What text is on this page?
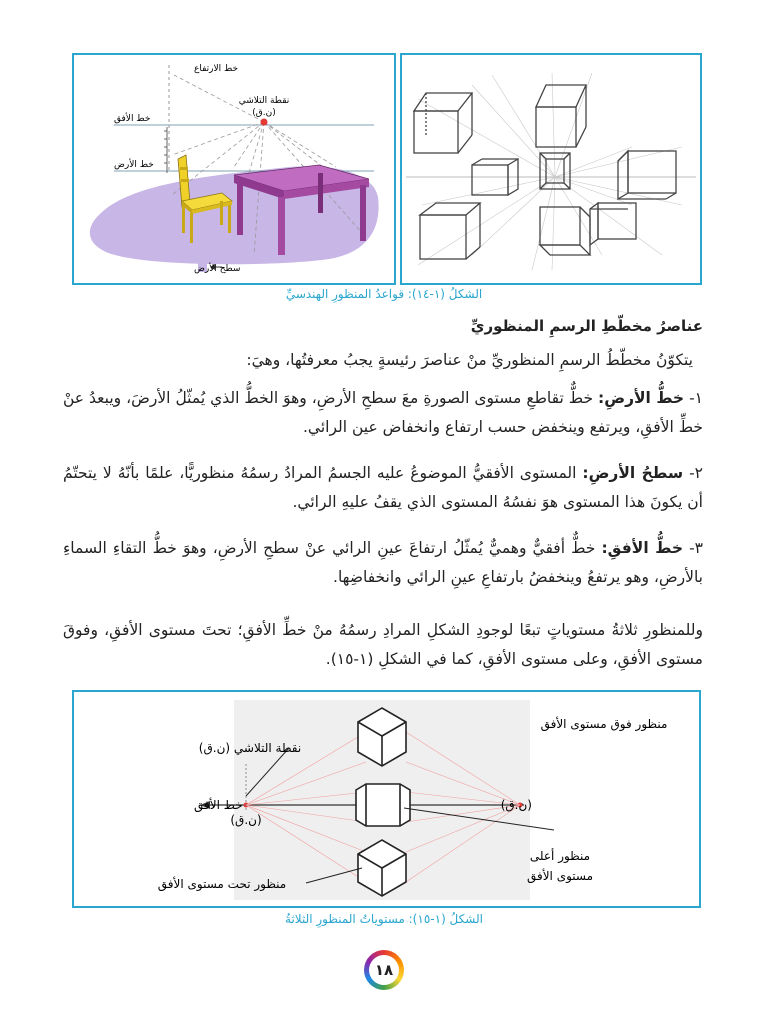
خط الارتفاع
خط الأفق
خط الأرض
نقطة التلاشي
(ن.ق)
سطح الأرض
الشكلُ (١-١٤): قواعدُ المنظورِ الهندسيِّ
عناصرُ مخطّطِ الرسمِ المنظوريِّ
يتكوّنُ مخطّطُ الرسمِ المنظوريِّ منْ عناصرَ رئيسةٍ يجبُ معرفتُها، وهيَ:
١- خطُّ الأرضِ: خطٌّ تقاطعِ مستوى الصورةِ معَ سطحِ الأرضِ، وهوَ الخطُّ الذي يُمثّلُ الأرضَ، ويبعدُ عنْ خطِّ الأفقِ، ويرتفع وينخفض حسب ارتفاع وانخفاض عين الرائي.
٢- سطحُ الأرضِ: المستوى الأفقيُّ الموضوعُ عليه الجسمُ المرادُ رسمُهُ منظوريًّا، علمًا بأنّهُ لا يتحتّمُ أن يكونَ هذا المستوى هوَ نفسُهُ المستوى الذي يقفُ عليهِ الرائي.
٣- خطُّ الأفقِ: خطٌّ أفقيٌّ وهميٌّ يُمثّلُ ارتفاعَ عينِ الرائي عنْ سطحِ الأرضِ، وهوَ خطُّ التقاءِ السماءِ بالأرضِ، وهو يرتفعُ وينخفضُ بارتفاعِ عينِ الرائي وانخفاضِها.
وللمنظورِ ثلاثةُ مستوياتٍ تبعًا لوجودِ الشكلِ المرادِ رسمُهُ منْ خطِّ الأفقِ؛ تحتَ مستوى الأفقِ، وفوقَ مستوى الأفقِ، وعلى مستوى الأفقِ، كما في الشكلِ (١-١٥).
منظور فوق مستوى الأفق
نقطة التلاشي (ن.ق)
خط الأفق	(ن.ق)
(ن.ق)
منظور أعلى
مستوى الأفق
منظور تحت مستوى الأفق
الشكلُ (١-١٥): مستوياتُ المنظورِ الثلاثةُ
١٨
